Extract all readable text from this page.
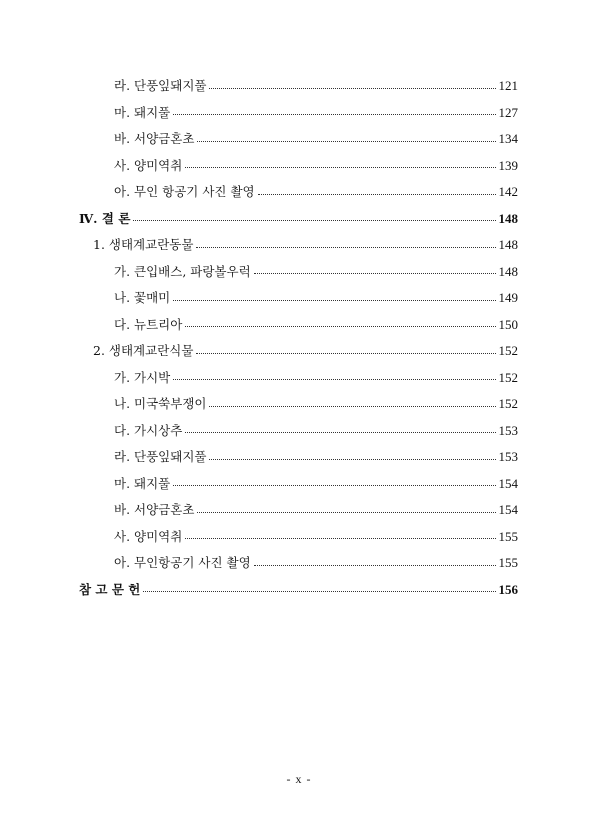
라. 단풍잎돼지풀	121
마. 돼지풀	127
바. 서양금혼초	134
사. 양미역취	139
아. 무인 항공기 사진 촬영	142
Ⅳ. 결 론	148
1. 생태계교란동물	148
가. 큰입배스, 파랑볼우럭	148
나. 꽃매미	149
다. 뉴트리아	150
2. 생태계교란식물	152
가. 가시박	152
나. 미국쑥부쟁이	152
다. 가시상추	153
라. 단풍잎돼지풀	153
마. 돼지풀	154
바. 서양금혼초	154
사. 양미역취	155
아. 무인항공기 사진 촬영	155
참 고 문 헌	156
- x -
